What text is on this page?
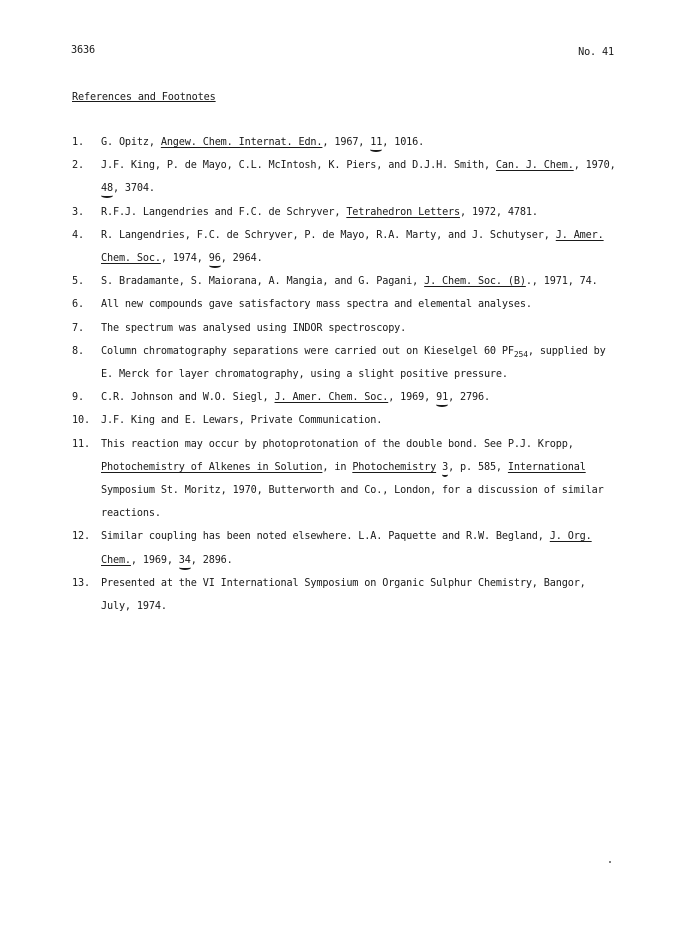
3636	No. 41
References and Footnotes
1. G. Opitz, Angew. Chem. Internat. Edn., 1967, 11, 1016.
2. J.F. King, P. de Mayo, C.L. McIntosh, K. Piers, and D.J.H. Smith, Can. J. Chem., 1970,
48, 3704.
3. R.F.J. Langendries and F.C. de Schryver, Tetrahedron Letters, 1972, 4781.
4. R. Langendries, F.C. de Schryver, P. de Mayo, R.A. Marty, and J. Schutyser, J. Amer.
Chem. Soc., 1974, 96, 2964.
5. S. Bradamante, S. Maiorana, A. Mangia, and G. Pagani, J. Chem. Soc. (B)., 1971, 74.
6. All new compounds gave satisfactory mass spectra and elemental analyses.
7. The spectrum was analysed using INDOR spectroscopy.
8. Column chromatography separations were carried out on Kieselgel 60 $PF_{254}$, supplied by
E. Merck for layer chromatography, using a slight positive pressure.
9. C.R. Johnson and W.O. Siegl, J. Amer. Chem. Soc., 1969, 91, 2796.
10. J.F. King and E. Lewars, Private Communication.
11. This reaction may occur by photoprotonation of the double bond. See P.J. Kropp,
Photochemistry of Alkenes in Solution, in Photochemistry 3, p. 585, International
Symposium St. Moritz, 1970, Butterworth and Co., London, for a discussion of similar
reactions.
12. Similar coupling has been noted elsewhere. L.A. Paquette and R.W. Begland, J. Org.
Chem., 1969, 34, 2896.
13. Presented at the VI International Symposium on Organic Sulphur Chemistry, Bangor,
July, 1974.
